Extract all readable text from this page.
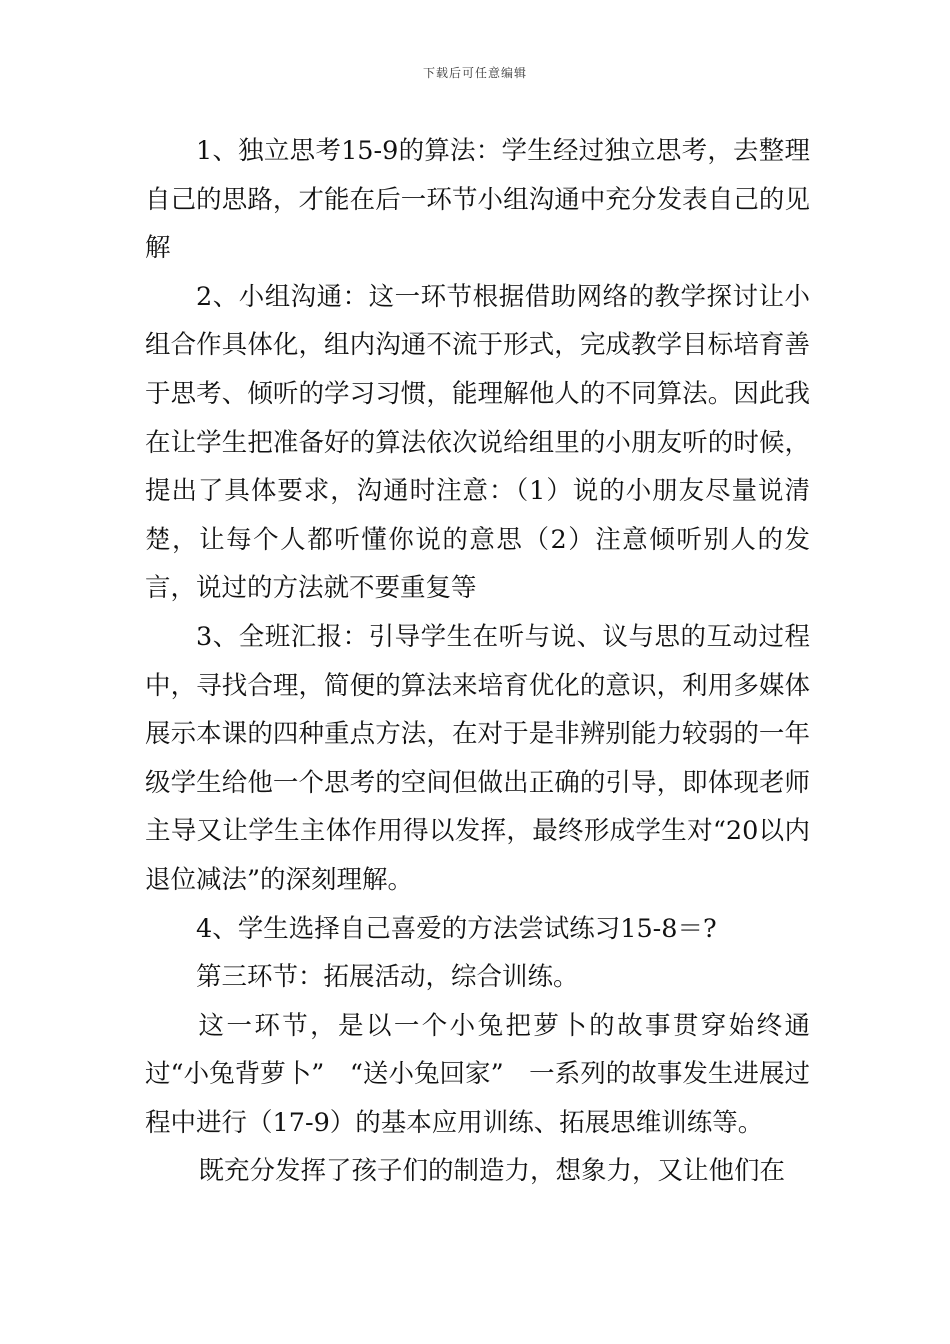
下载后可任意编辑

1、独立思考15-9的算法：学生经过独立思考，去整理自己的思路，才能在后一环节小组沟通中充分发表自己的见解

2、小组沟通：这一环节根据借助网络的教学探讨让小组合作具体化，组内沟通不流于形式，完成教学目标培育善于思考、倾听的学习习惯，能理解他人的不同算法。因此我在让学生把准备好的算法依次说给组里的小朋友听的时候，提出了具体要求，沟通时注意：（1）说的小朋友尽量说清楚，让每个人都听懂你说的意思（2）注意倾听别人的发言，说过的方法就不要重复等

3、全班汇报：引导学生在听与说、议与思的互动过程中，寻找合理，简便的算法来培育优化的意识，利用多媒体展示本课的四种重点方法，在对于是非辨别能力较弱的一年级学生给他一个思考的空间但做出正确的引导，即体现老师主导又让学生主体作用得以发挥，最终形成学生对“20以内退位减法”的深刻理解。

4、学生选择自己喜爱的方法尝试练习15-8＝?

第三环节：拓展活动，综合训练。

这一环节，是以一个小兔把萝卜的故事贯穿始终通过“小兔背萝卜”　“送小兔回家”　一系列的故事发生进展过程中进行（17-9）的基本应用训练、拓展思维训练等。

既充分发挥了孩子们的制造力，想象力，又让他们在
